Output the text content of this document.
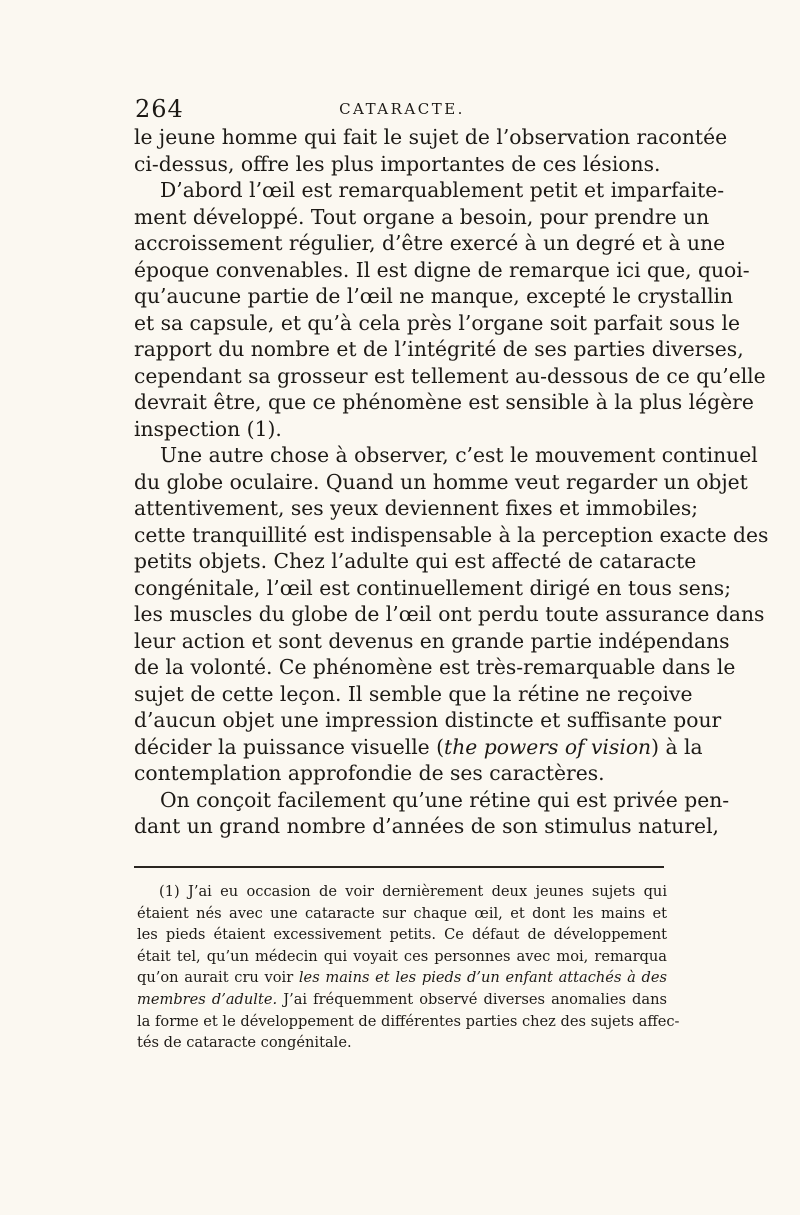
264	CATARACTE.
le jeune homme qui fait le sujet de l’observation racontée
ci-dessus, offre les plus importantes de ces lésions.
D’abord l’œil est remarquablement petit et imparfaite-
ment développé. Tout organe a besoin, pour prendre un
accroissement régulier, d’être exercé à un degré et à une
époque convenables. Il est digne de remarque ici que, quoi-
qu’aucune partie de l’œil ne manque, excepté le crystallin
et sa capsule, et qu’à cela près l’organe soit parfait sous le
rapport du nombre et de l’intégrité de ses parties diverses,
cependant sa grosseur est tellement au-dessous de ce qu’elle
devrait être, que ce phénomène est sensible à la plus légère
inspection (1).
Une autre chose à observer, c’est le mouvement continuel
du globe oculaire. Quand un homme veut regarder un objet
attentivement, ses yeux deviennent fixes et immobiles;
cette tranquillité est indispensable à la perception exacte des
petits objets. Chez l’adulte qui est affecté de cataracte
congénitale, l’œil est continuellement dirigé en tous sens;
les muscles du globe de l’œil ont perdu toute assurance dans
leur action et sont devenus en grande partie indépendans
de la volonté. Ce phénomène est très-remarquable dans le
sujet de cette leçon. Il semble que la rétine ne reçoive
d’aucun objet une impression distincte et suffisante pour
décider la puissance visuelle (the powers of vision) à la
contemplation approfondie de ses caractères.
On conçoit facilement qu’une rétine qui est privée pen-
dant un grand nombre d’années de son stimulus naturel,
(1) J’ai eu occasion de voir dernièrement deux jeunes sujets qui
étaient nés avec une cataracte sur chaque œil, et dont les mains et
les pieds étaient excessivement petits. Ce défaut de développement
était tel, qu’un médecin qui voyait ces personnes avec moi, remarqua
qu’on aurait cru voir les mains et les pieds d’un enfant attachés à des
membres d’adulte. J’ai fréquemment observé diverses anomalies dans
la forme et le développement de différentes parties chez des sujets affec-
tés de cataracte congénitale.
